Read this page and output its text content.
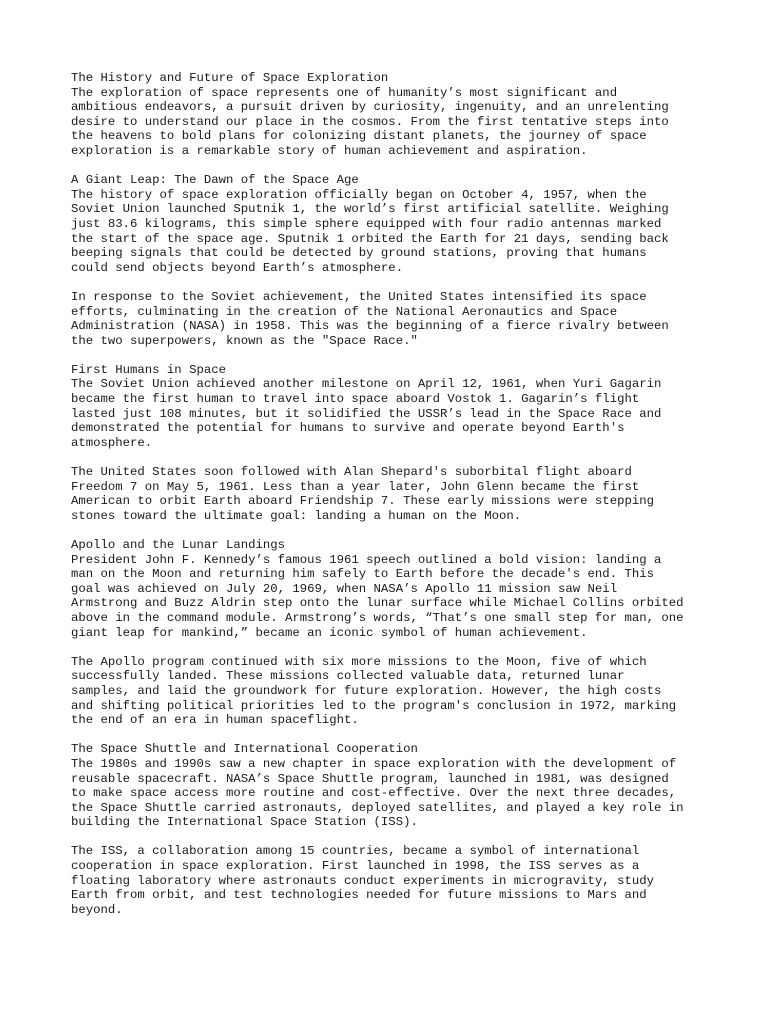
The History and Future of Space Exploration
The exploration of space represents one of humanity’s most significant and
ambitious endeavors, a pursuit driven by curiosity, ingenuity, and an unrelenting
desire to understand our place in the cosmos. From the first tentative steps into
the heavens to bold plans for colonizing distant planets, the journey of space
exploration is a remarkable story of human achievement and aspiration.
A Giant Leap: The Dawn of the Space Age
The history of space exploration officially began on October 4, 1957, when the
Soviet Union launched Sputnik 1, the world’s first artificial satellite. Weighing
just 83.6 kilograms, this simple sphere equipped with four radio antennas marked
the start of the space age. Sputnik 1 orbited the Earth for 21 days, sending back
beeping signals that could be detected by ground stations, proving that humans
could send objects beyond Earth’s atmosphere.
In response to the Soviet achievement, the United States intensified its space
efforts, culminating in the creation of the National Aeronautics and Space
Administration (NASA) in 1958. This was the beginning of a fierce rivalry between
the two superpowers, known as the "Space Race."
First Humans in Space
The Soviet Union achieved another milestone on April 12, 1961, when Yuri Gagarin
became the first human to travel into space aboard Vostok 1. Gagarin’s flight
lasted just 108 minutes, but it solidified the USSR’s lead in the Space Race and
demonstrated the potential for humans to survive and operate beyond Earth's
atmosphere.
The United States soon followed with Alan Shepard's suborbital flight aboard
Freedom 7 on May 5, 1961. Less than a year later, John Glenn became the first
American to orbit Earth aboard Friendship 7. These early missions were stepping
stones toward the ultimate goal: landing a human on the Moon.
Apollo and the Lunar Landings
President John F. Kennedy’s famous 1961 speech outlined a bold vision: landing a
man on the Moon and returning him safely to Earth before the decade's end. This
goal was achieved on July 20, 1969, when NASA’s Apollo 11 mission saw Neil
Armstrong and Buzz Aldrin step onto the lunar surface while Michael Collins orbited
above in the command module. Armstrong’s words, “That’s one small step for man, one
giant leap for mankind,” became an iconic symbol of human achievement.
The Apollo program continued with six more missions to the Moon, five of which
successfully landed. These missions collected valuable data, returned lunar
samples, and laid the groundwork for future exploration. However, the high costs
and shifting political priorities led to the program's conclusion in 1972, marking
the end of an era in human spaceflight.
The Space Shuttle and International Cooperation
The 1980s and 1990s saw a new chapter in space exploration with the development of
reusable spacecraft. NASA’s Space Shuttle program, launched in 1981, was designed
to make space access more routine and cost-effective. Over the next three decades,
the Space Shuttle carried astronauts, deployed satellites, and played a key role in
building the International Space Station (ISS).
The ISS, a collaboration among 15 countries, became a symbol of international
cooperation in space exploration. First launched in 1998, the ISS serves as a
floating laboratory where astronauts conduct experiments in microgravity, study
Earth from orbit, and test technologies needed for future missions to Mars and
beyond.
